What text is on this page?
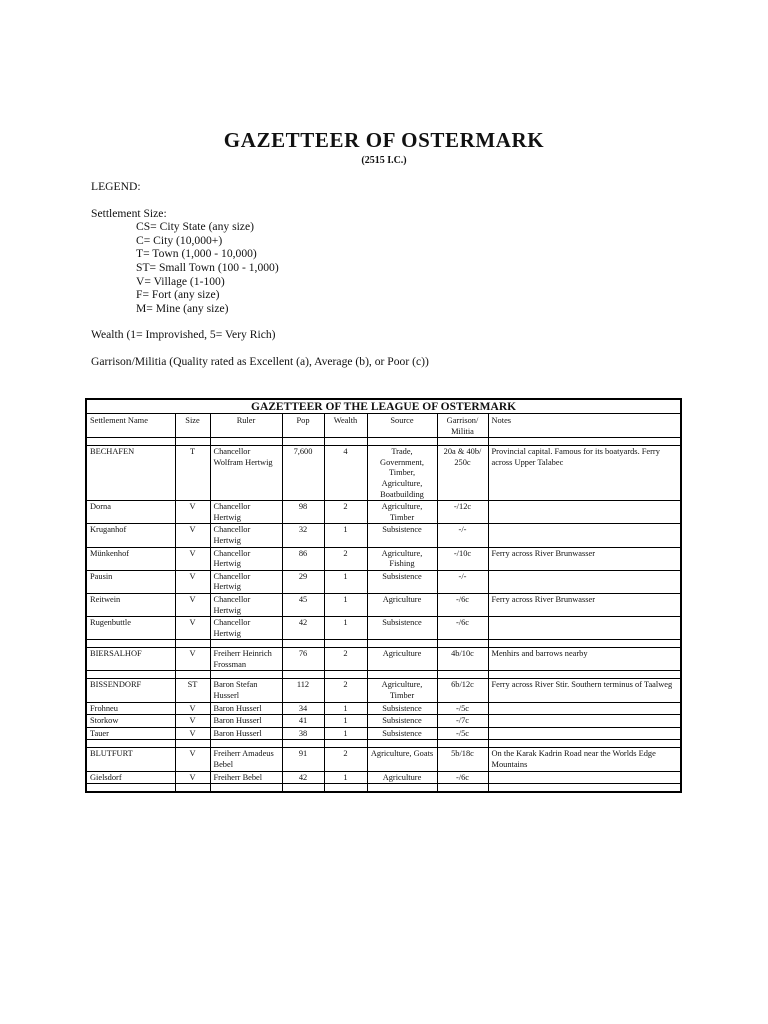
GAZETTEER OF OSTERMARK
(2515 I.C.)
LEGEND:
Settlement Size:
CS= City State (any size)
C= City (10,000+)
T= Town (1,000 - 10,000)
ST= Small Town (100 - 1,000)
V= Village (1-100)
F= Fort (any size)
M= Mine (any size)
Wealth (1= Improvished, 5= Very Rich)
Garrison/Militia (Quality rated as Excellent (a), Average (b), or Poor (c))
GAZETTEER OF THE LEAGUE OF OSTERMARK							
Settlement Name	Size	Ruler	Pop	Wealth	Source	Garrison/ Militia	Notes

BECHAFEN	T	Chancellor Wolfram Hertwig	7,600	4	Trade, Government, Timber, Agriculture, Boatbuilding	20a & 40b/ 250c	Provincial capital. Famous for its boatyards. Ferry across Upper Talabec
Dorna	V	Chancellor Hertwig	98	2	Agriculture, Timber	-/12c	
Kruganhof	V	Chancellor Hertwig	32	1	Subsistence	-/-	
Münkenhof	V	Chancellor Hertwig	86	2	Agriculture, Fishing	-/10c	Ferry across River Brunwasser
Pausin	V	Chancellor Hertwig	29	1	Subsistence	-/-	
Reitwein	V	Chancellor Hertwig	45	1	Agriculture	-/6c	Ferry across River Brunwasser
Rugenbuttle	V	Chancellor Hertwig	42	1	Subsistence	-/6c	

BIERSALHOF	V	Freiherr Heinrich Frossman	76	2	Agriculture	4b/10c	Menhirs and barrows nearby

BISSENDORF	ST	Baron Stefan Husserl	112	2	Agriculture, Timber	6b/12c	Ferry across River Stir. Southern terminus of Taalweg
Frohneu	V	Baron Husserl	34	1	Subsistence	-/5c	
Storkow	V	Baron Husserl	41	1	Subsistence	-/7c	
Tauer	V	Baron Husserl	38	1	Subsistence	-/5c	

BLUTFURT	V	Freiherr Amadeus Bebel	91	2	Agriculture, Goats	5b/18c	On the Karak Kadrin Road near the Worlds Edge Mountains
Gielsdorf	V	Freiherr Bebel	42	1	Agriculture	-/6c	
